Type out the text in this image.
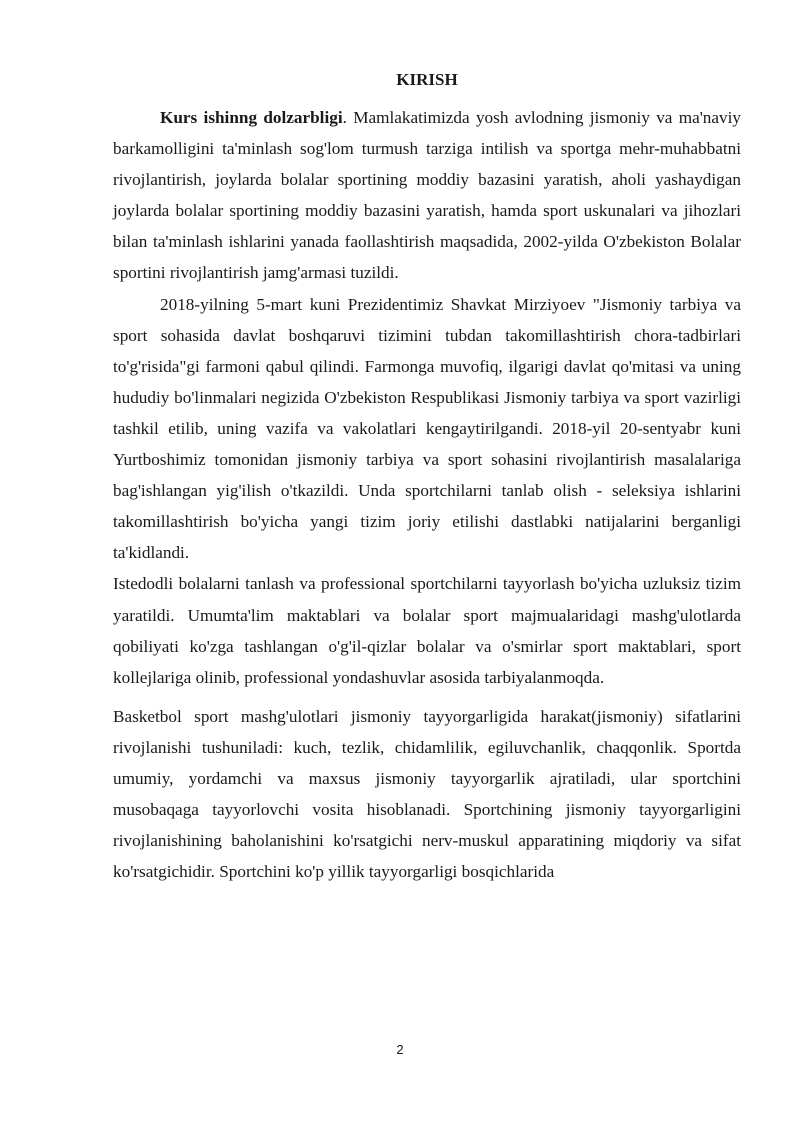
KIRISH

Kurs ishinng dolzarbligi. Mamlakatimizda yosh avlodning jismoniy va ma'naviy barkamolligini ta'minlash sog'lom turmush tarziga intilish va sportga mehr-muhabbatni rivojlantirish, joylarda bolalar sportining moddiy bazasini yaratish, aholi yashaydigan joylarda bolalar sportining moddiy bazasini yaratish, hamda sport uskunalari va jihozlari bilan ta'minlash ishlarini yanada faollashtirish maqsadida, 2002-yilda O'zbekiston Bolalar sportini rivojlantirish jamg'armasi tuzildi.

2018-yilning 5-mart kuni Prezidentimiz Shavkat Mirziyoev "Jismoniy tarbiya va sport sohasida davlat boshqaruvi tizimini tubdan takomillashtirish chora-tadbirlari to'g'risida"gi farmoni qabul qilindi. Farmonga muvofiq, ilgarigi davlat qo'mitasi va uning hududiy bo'linmalari negizida O'zbekiston Respublikasi Jismoniy tarbiya va sport vazirligi tashkil etilib, uning vazifa va vakolatlari kengaytirilgandi. 2018-yil 20-sentyabr kuni Yurtboshimiz tomonidan jismoniy tarbiya va sport sohasini rivojlantirish masalalariga bag'ishlangan yig'ilish o'tkazildi. Unda sportchilarni tanlab olish - seleksiya ishlarini takomillashtirish bo'yicha yangi tizim joriy etilishi dastlabki natijalarini berganligi ta'kidlandi.

Istedodli bolalarni tanlash va professional sportchilarni tayyorlash bo'yicha uzluksiz tizim yaratildi. Umumta'lim maktablari va bolalar sport majmualaridagi mashg'ulotlarda qobiliyati ko'zga tashlangan o'g'il-qizlar bolalar va o'smirlar sport maktablari, sport kollejlariga olinib, professional yondashuvlar asosida tarbiyalanmoqda.

Basketbol sport mashg'ulotlari jismoniy tayyorgarligida harakat(jismoniy) sifatlarini rivojlanishi tushuniladi: kuch, tezlik, chidamlilik, egiluvchanlik, chaqqonlik. Sportda umumiy, yordamchi va maxsus jismoniy tayyorgarlik ajratiladi, ular sportchini musobaqaga tayyorlovchi vosita hisoblanadi. Sportchining jismoniy tayyorgarligini rivojlanishining baholanishini ko'rsatgichi nerv-muskul apparatining miqdoriy va sifat ko'rsatgichidir. Sportchini ko'p yillik tayyorgarligi bosqichlarida

2
